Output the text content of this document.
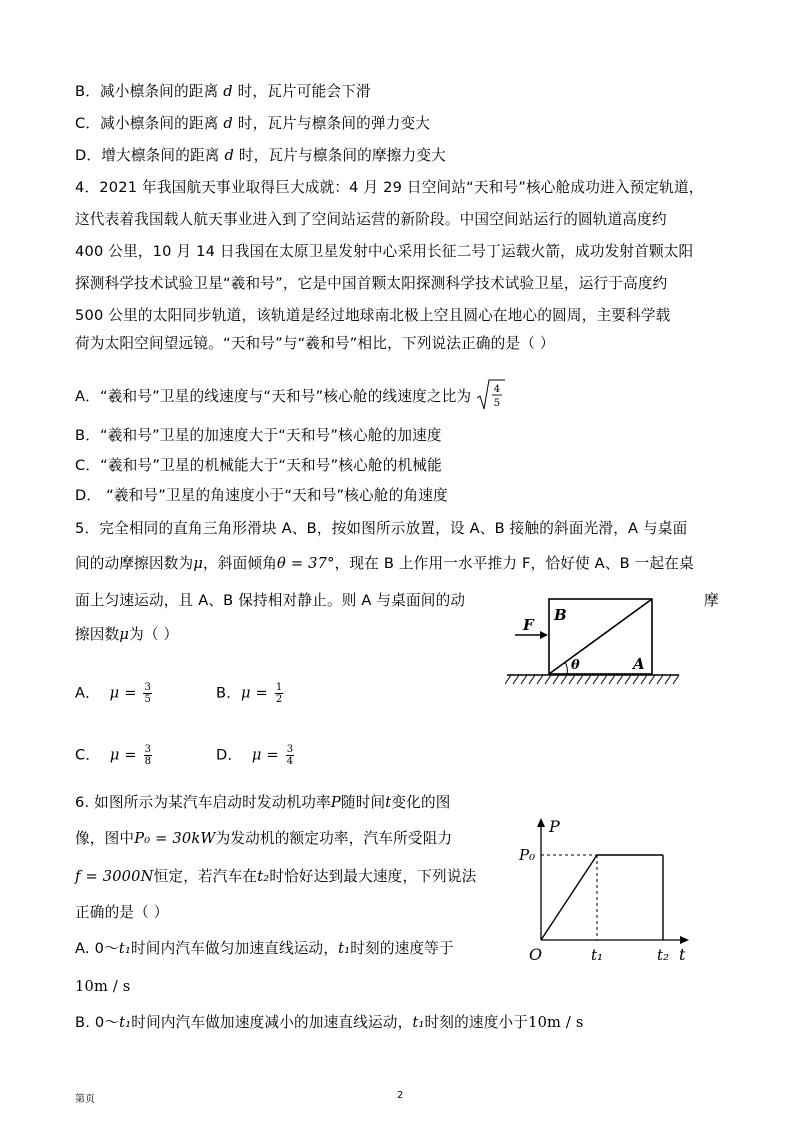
B．减小檩条间的距离 d 时，瓦片可能会下滑
C．减小檩条间的距离 d 时，瓦片与檩条间的弹力变大
D．增大檩条间的距离 d 时，瓦片与檩条间的摩擦力变大
4．2021 年我国航天事业取得巨大成就：4 月 29 日空间站“天和号”核心舱成功进入预定轨道，
这代表着我国载人航天事业进入到了空间站运营的新阶段。中国空间站运行的圆轨道高度约
400 公里，10 月 14 日我国在太原卫星发射中心采用长征二号丁运载火箭，成功发射首颗太阳
探测科学技术试验卫星“羲和号”，它是中国首颗太阳探测科学技术试验卫星，运行于高度约
500 公里的太阳同步轨道，该轨道是经过地球南北极上空且圆心在地心的圆周，主要科学载
荷为太阳空间望远镜。“天和号”与“羲和号”相比，下列说法正确的是（ ）
A．“羲和号”卫星的线速度与“天和号”核心舱的线速度之比为 4
5
B．“羲和号”卫星的加速度大于“天和号”核心舱的加速度
C．“羲和号”卫星的机械能大于“天和号”核心舱的机械能
D． “羲和号”卫星的角速度小于“天和号”核心舱的角速度
5．完全相同的直角三角形滑块 A、B，按如图所示放置，设 A、B 接触的斜面光滑，A 与桌面
间的动摩擦因数为μ，斜面倾角θ = 37°，现在 B 上作用一水平推力 F，恰好使 A、B 一起在桌
面上匀速运动，且 A、B 保持相对静止。则 A 与桌面间的动	摩
擦因数μ为（ ）
A． $\mu = \frac{3}{5}$	B．$\mu = \frac{1}{2}$
C． $\mu = \frac{3}{8}$	D． $\mu = \frac{3}{4}$
F
B
θ	A
6. 如图所示为某汽车启动时发动机功率P随时间t变化的图
像，图中P₀ = 30kW为发动机的额定功率，汽车所受阻力
f = 3000N恒定，若汽车在t₂时恰好达到最大速度，下列说法
正确的是（ ）
A. 0～t₁时间内汽车做匀加速直线运动，t₁时刻的速度等于
10m / s
B. 0～t₁时间内汽车做加速度减小的加速直线运动，t₁时刻的速度小于10m / s
P
P₀
O	t₁	t₂ t
第页	2
